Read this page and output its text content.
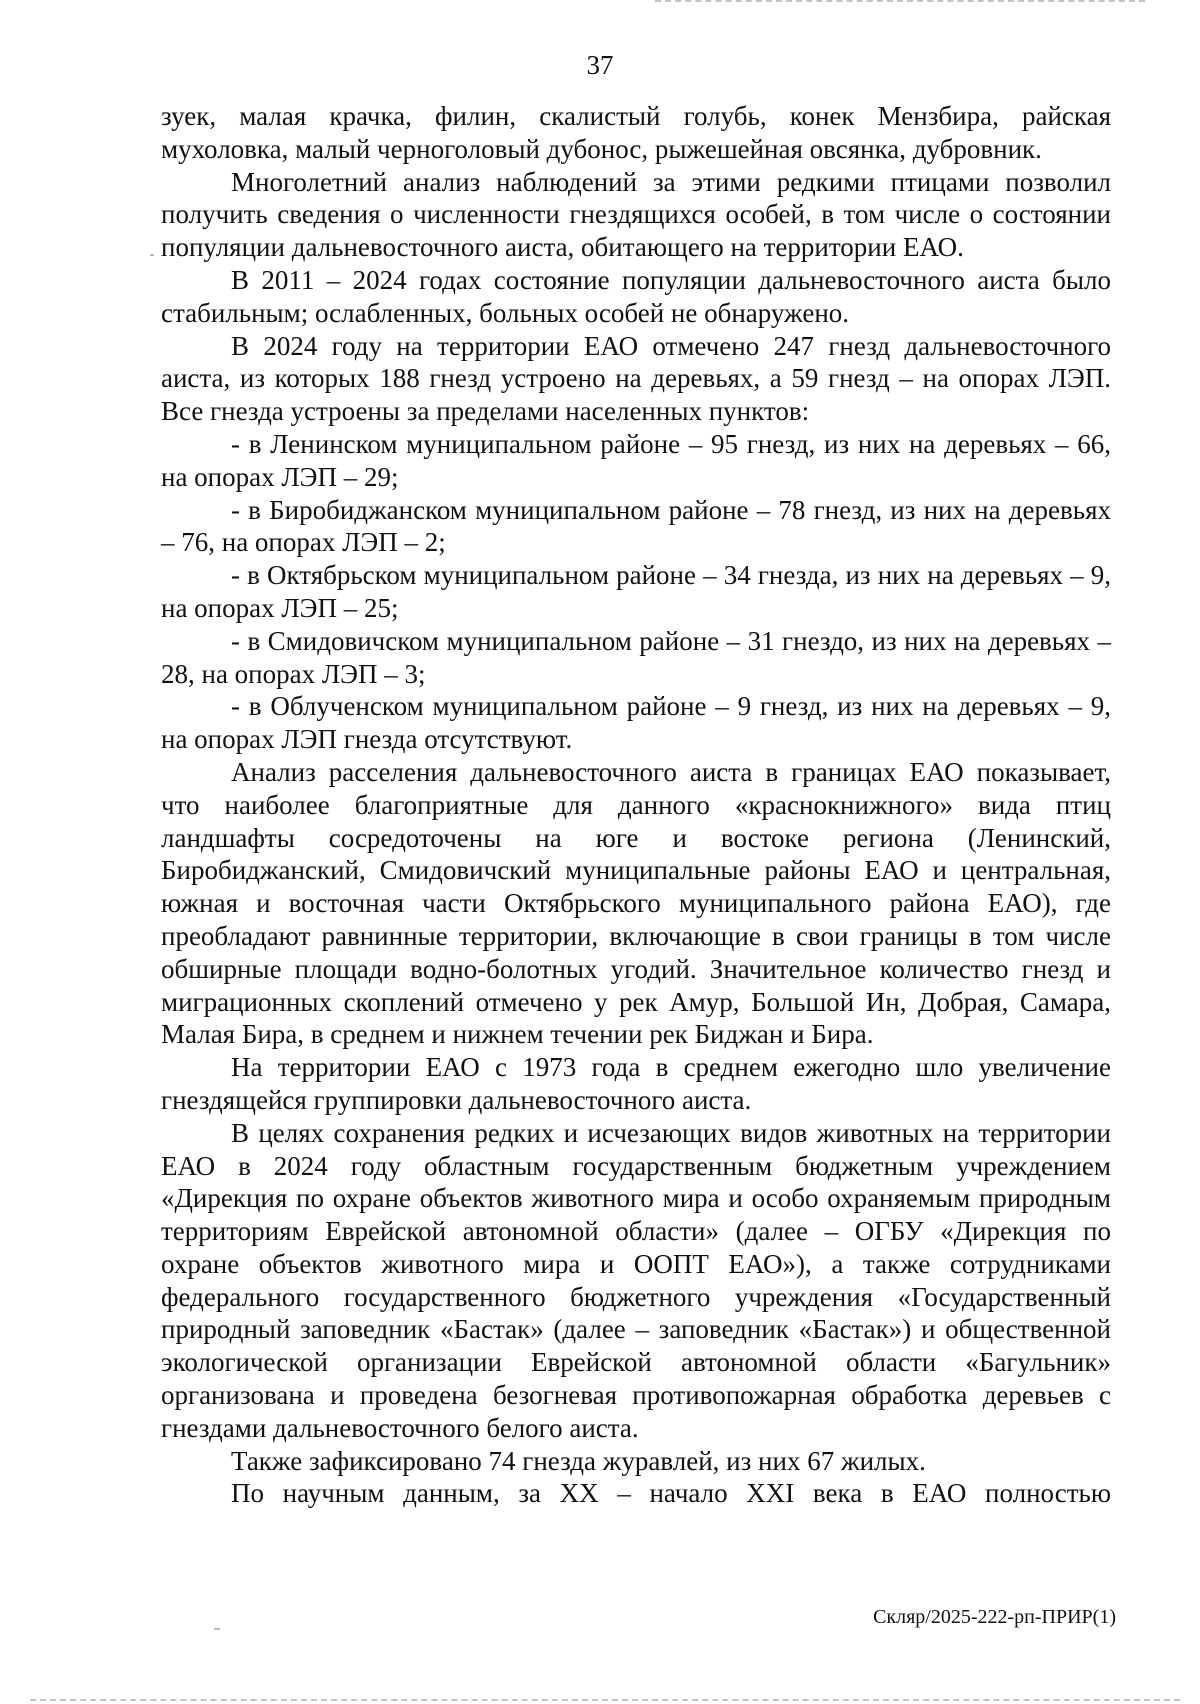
37

зуек, малая крачка, филин, скалистый голубь, конек Мензбира, райская мухоловка, малый черноголовый дубонос, рыжешейная овсянка, дубровник.

Многолетний анализ наблюдений за этими редкими птицами позволил получить сведения о численности гнездящихся особей, в том числе о состоянии популяции дальневосточного аиста, обитающего на территории ЕАО.

В 2011 – 2024 годах состояние популяции дальневосточного аиста было стабильным; ослабленных, больных особей не обнаружено.

В 2024 году на территории ЕАО отмечено 247 гнезд дальневосточного аиста, из которых 188 гнезд устроено на деревьях, а 59 гнезд – на опорах ЛЭП. Все гнезда устроены за пределами населенных пунктов:

- в Ленинском муниципальном районе – 95 гнезд, из них на деревьях – 66, на опорах ЛЭП – 29;

- в Биробиджанском муниципальном районе – 78 гнезд, из них на деревьях – 76, на опорах ЛЭП – 2;

- в Октябрьском муниципальном районе – 34 гнезда, из них на деревьях – 9, на опорах ЛЭП – 25;

- в Смидовичском муниципальном районе – 31 гнездо, из них на деревьях – 28, на опорах ЛЭП – 3;

- в Облученском муниципальном районе – 9 гнезд, из них на деревьях – 9, на опорах ЛЭП гнезда отсутствуют.

Анализ расселения дальневосточного аиста в границах ЕАО показывает, что наиболее благоприятные для данного «краснокнижного» вида птиц ландшафты сосредоточены на юге и востоке региона (Ленинский, Биробиджанский, Смидовичский муниципальные районы ЕАО и центральная, южная и восточная части Октябрьского муниципального района ЕАО), где преобладают равнинные территории, включающие в свои границы в том числе обширные площади водно-болотных угодий. Значительное количество гнезд и миграционных скоплений отмечено у рек Амур, Большой Ин, Добрая, Самара, Малая Бира, в среднем и нижнем течении рек Биджан и Бира.

На территории ЕАО с 1973 года в среднем ежегодно шло увеличение гнездящейся группировки дальневосточного аиста.

В целях сохранения редких и исчезающих видов животных на территории ЕАО в 2024 году областным государственным бюджетным учреждением «Дирекция по охране объектов животного мира и особо охраняемым природным территориям Еврейской автономной области» (далее – ОГБУ «Дирекция по охране объектов животного мира и ООПТ ЕАО»), а также сотрудниками федерального государственного бюджетного учреждения «Государственный природный заповедник «Бастак» (далее – заповедник «Бастак») и общественной экологической организации Еврейской автономной области «Багульник» организована и проведена безогневая противопожарная обработка деревьев с гнездами дальневосточного белого аиста.

Также зафиксировано 74 гнезда журавлей, из них 67 жилых.

По научным данным, за XX – начало XXI века в ЕАО полностью

Скляр/2025-222-рп-ПРИР(1)
